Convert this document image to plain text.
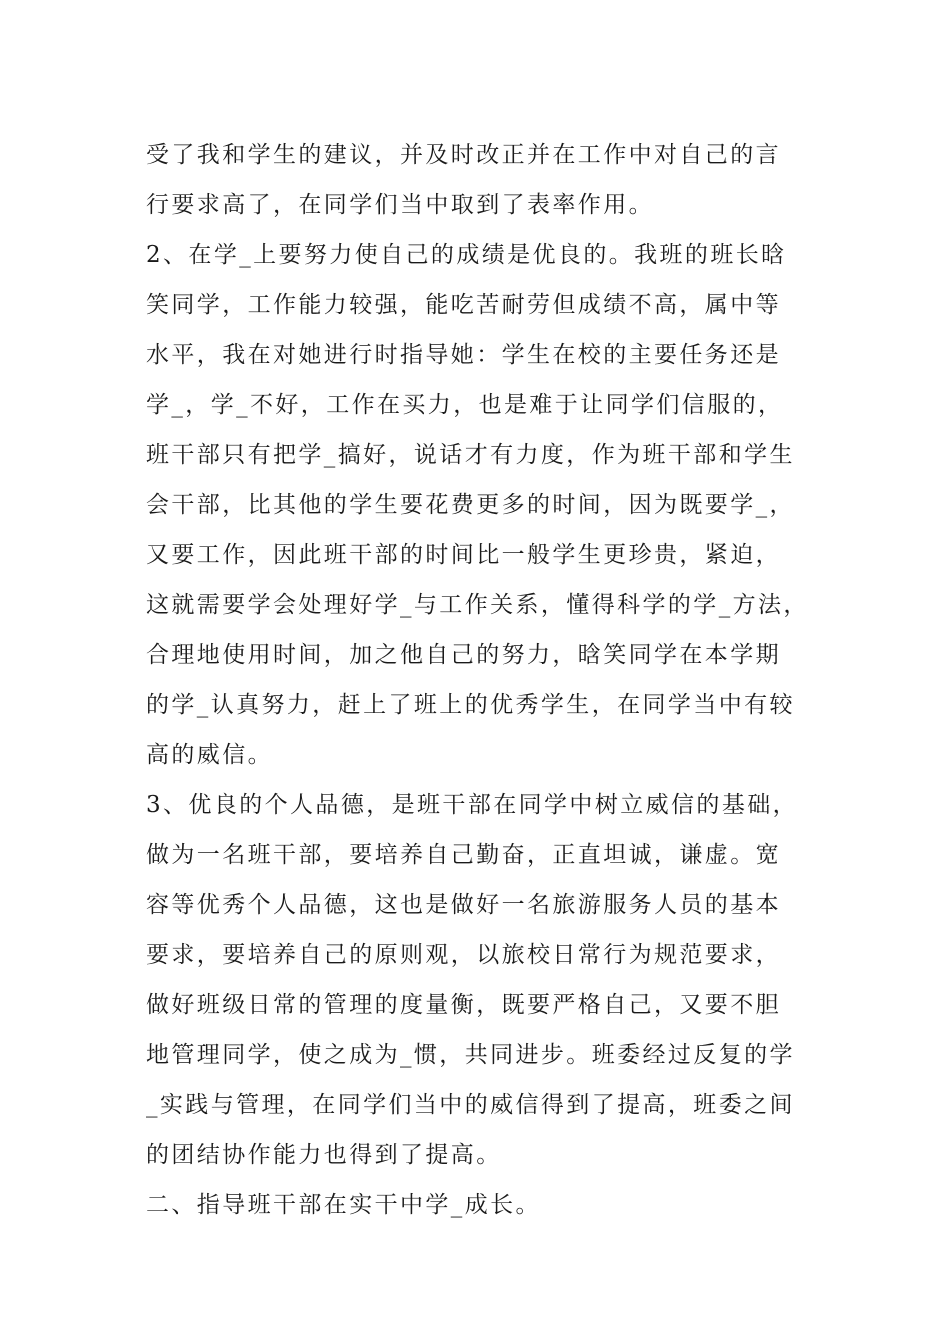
受了我和学生的建议，并及时改正并在工作中对自己的言
行要求高了，在同学们当中取到了表率作用。
2、在学_上要努力使自己的成绩是优良的。我班的班长晗
笑同学，工作能力较强，能吃苦耐劳但成绩不高，属中等
水平，我在对她进行时指导她：学生在校的主要任务还是
学_，学_不好，工作在买力，也是难于让同学们信服的，
班干部只有把学_搞好，说话才有力度，作为班干部和学生
会干部，比其他的学生要花费更多的时间，因为既要学_，
又要工作，因此班干部的时间比一般学生更珍贵，紧迫，
这就需要学会处理好学_与工作关系，懂得科学的学_方法，
合理地使用时间，加之他自己的努力，晗笑同学在本学期
的学_认真努力，赶上了班上的优秀学生，在同学当中有较
高的威信。
3、优良的个人品德，是班干部在同学中树立威信的基础，
做为一名班干部，要培养自己勤奋，正直坦诚，谦虚。宽
容等优秀个人品德，这也是做好一名旅游服务人员的基本
要求，要培养自己的原则观，以旅校日常行为规范要求，
做好班级日常的管理的度量衡，既要严格自己，又要不胆
地管理同学，使之成为_惯，共同进步。班委经过反复的学
_实践与管理，在同学们当中的威信得到了提高，班委之间
的团结协作能力也得到了提高。
二、指导班干部在实干中学_成长。
